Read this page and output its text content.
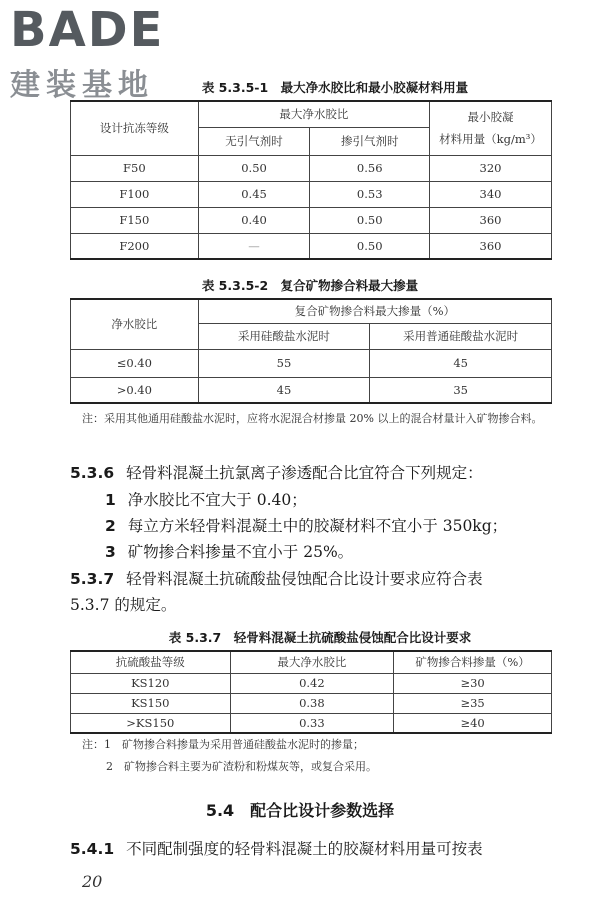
BADE
建装基地	表 5.3.5-1　最大净水胶比和最小胶凝材料用量
设计抗冻等级	最大净水胶比		最小胶凝
材料用量（kg/m³）
	无引气剂时	掺引气剂时	
F50	0.50	0.56	320
F100	0.45	0.53	340
F150	0.40	0.50	360
F200	—	0.50	360
表 5.3.5-2　复合矿物掺合料最大掺量
净水胶比	复合矿物掺合料最大掺量（%）	
	采用硅酸盐水泥时	采用普通硅酸盐水泥时
≤0.40	55	45
>0.40	45	35
注：采用其他通用硅酸盐水泥时，应将水泥混合材掺量 20% 以上的混合材量计入矿物掺合料。
5.3.6 轻骨料混凝土抗氯离子渗透配合比宜符合下列规定：
1 净水胶比不宜大于 0.40；
2 每立方米轻骨料混凝土中的胶凝材料不宜小于 350kg；
3 矿物掺合料掺量不宜小于 25%。
5.3.7 轻骨料混凝土抗硫酸盐侵蚀配合比设计要求应符合表
5.3.7 的规定。
表 5.3.7　轻骨料混凝土抗硫酸盐侵蚀配合比设计要求
抗硫酸盐等级	最大净水胶比	矿物掺合料掺量（%）
KS120	0.42	≥30
KS150	0.38	≥35
>KS150	0.33	≥40
注：1　矿物掺合料掺量为采用普通硅酸盐水泥时的掺量；
2　矿物掺合料主要为矿渣粉和粉煤灰等，或复合采用。
5.4　配合比设计参数选择
5.4.1 不同配制强度的轻骨料混凝土的胶凝材料用量可按表
20
